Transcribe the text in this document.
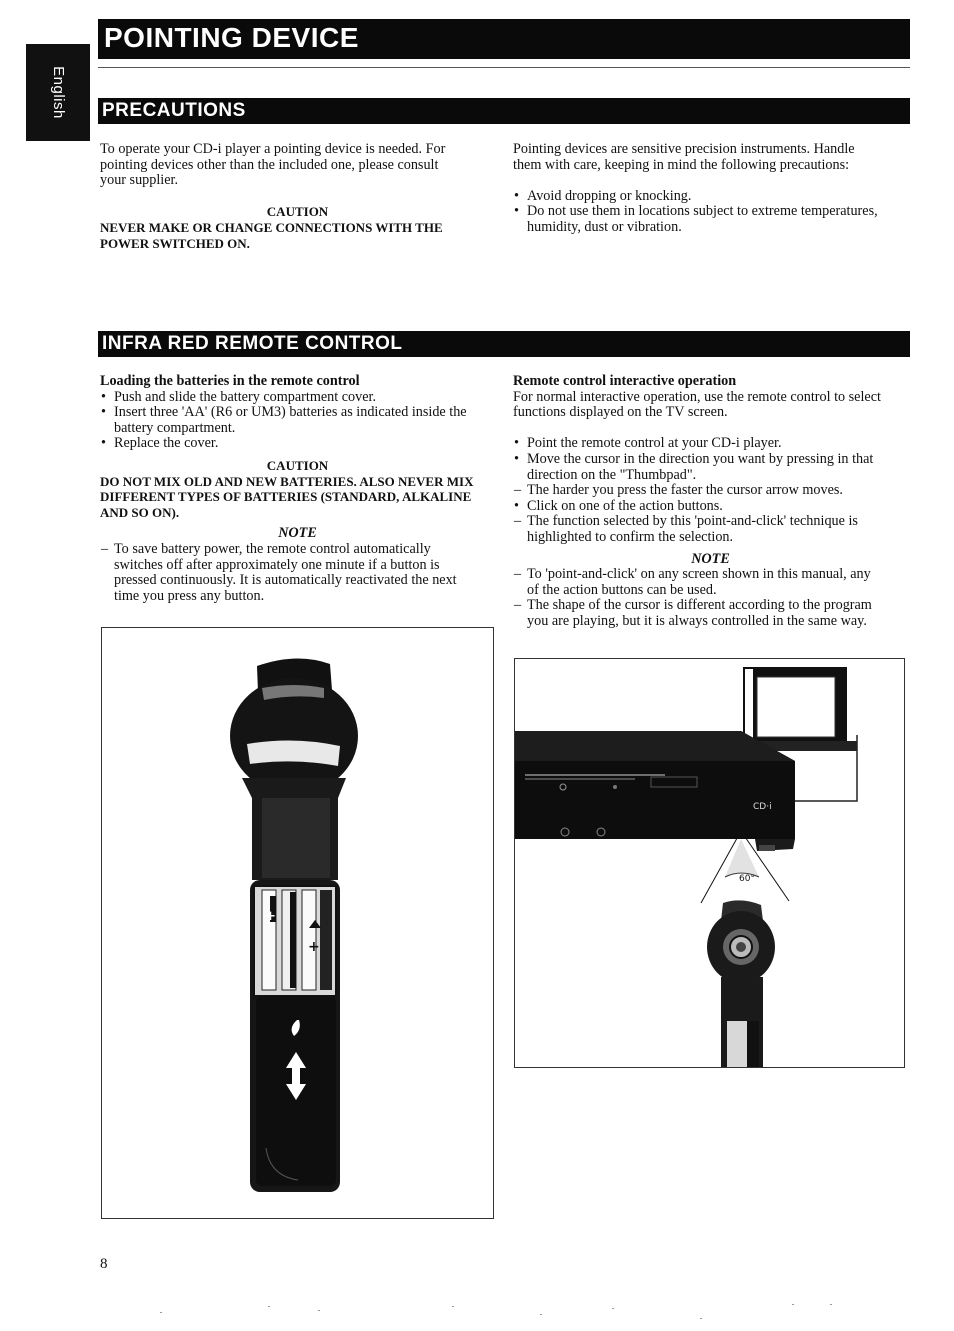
English
POINTING DEVICE
PRECAUTIONS

To operate your CD-i player a pointing device is needed. For

pointing devices other than the included one, please consult

your supplier.

CAUTION

NEVER MAKE OR CHANGE CONNECTIONS WITH THE

POWER SWITCHED ON.

Pointing devices are sensitive precision instruments. Handle

them with care, keeping in mind the following precautions:

• Avoid dropping or knocking.
• Do not use them in locations subject to extreme temperatures,
humidity, dust or vibration.
INFRA RED REMOTE CONTROL

Loading the batteries in the remote control

• Push and slide the battery compartment cover.
• Insert three 'AA' (R6 or UM3) batteries as indicated inside the
battery compartment.
• Replace the cover.

CAUTION

DO NOT MIX OLD AND NEW BATTERIES. ALSO NEVER MIX

DIFFERENT TYPES OF BATTERIES (STANDARD, ALKALINE

AND SO ON).

NOTE

– To save battery power, the remote control automatically
switches off after approximately one minute if a button is
pressed continuously. It is automatically reactivated the next
time you press any button.

Remote control interactive operation

For normal interactive operation, use the remote control to select

functions displayed on the TV screen.

• Point the remote control at your CD-i player.
• Move the cursor in the direction you want by pressing in that
direction on the "Thumbpad".
– The harder you press the faster the cursor arrow moves.
• Click on one of the action buttons.
– The function selected by this 'point-and-click' technique is
highlighted to confirm the selection.

NOTE

– To 'point-and-click' on any screen shown in this manual, any
of the action buttons can be used.
– The shape of the cursor is different according to the program
you are playing, but it is always controlled in the same way.
+
+
CD·i
60°
8
